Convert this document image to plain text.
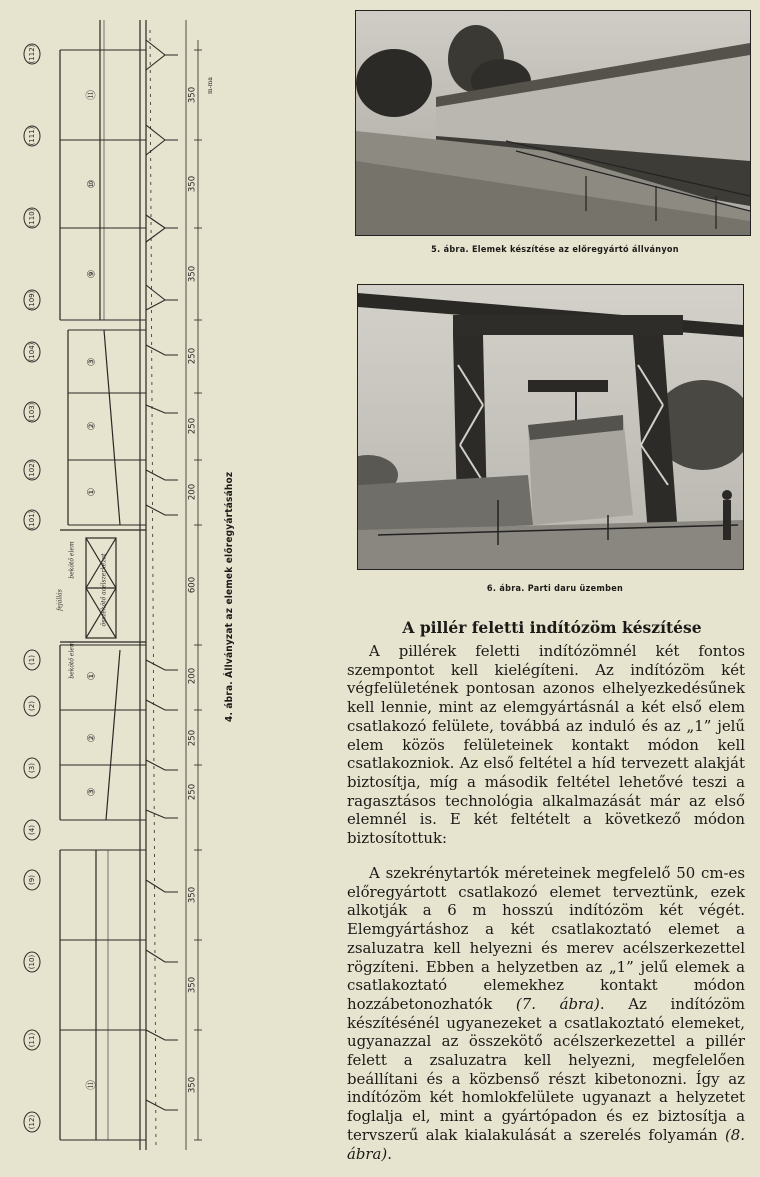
(112)
(111)
(110)
(109)
(104)
(103)
(102)
(101)
(1)
(2)
(3)
(4)
(9)
(10)
(11)
(12)
350
350
350
250
250
200
600
200
250
250
350
350
350
⑪
⑩
⑨
③
②
①
①
②
③
⑪
bekötő elem
bekötő elem
összekötő acélszerkezet
fejállás
m-ma
4. ábra. Állványzat az elemek előregyártásához
5. ábra. Elemek készítése az előregyártó állványon
6. ábra. Parti daru üzemben
A pillér feletti indítózöm készítése

A pillérek feletti indítózömnél két fontos szempontot kell kielégíteni. Az indítózöm két végfelületének pontosan azonos elhelyezkedésűnek kell lennie, mint az elemgyártásnál a két első elem csatlakozó felülete, továbbá az induló és az „1” jelű elem közös felületeinek kontakt módon kell csatlakozniok. Az első feltétel a híd tervezett alakját biztosítja, míg a második feltétel lehetővé teszi a ragasztásos technológia alkalmazását már az első elemnél is. E két feltételt a következő módon biztosítottuk:

A szekrénytartók méreteinek megfelelő 50 cm-es előregyártott csatlakozó elemet terveztünk, ezek alkotják a 6 m hosszú indítózöm két végét. Elemgyártáshoz a két csatlakoztató elemet a zsaluzatra kell helyezni és merev acélszerkezettel rögzíteni. Ebben a helyzetben az „1” jelű elemek a csatlakoztató elemekhez kontakt módon hozzábetonozhatók (7. ábra). Az indítózöm készítésénél ugyanezeket a csatlakoztató elemeket, ugyanazzal az összekötő acélszerkezettel a pillér felett a zsaluzatra kell helyezni, megfelelően beállítani és a közbenső részt kibetonozni. Így az indítózöm két homlokfelülete ugyanazt a helyzetet foglalja el, mint a gyártópadon és ez biztosítja a tervszerű alak kialakulását a szerelés folyamán (8. ábra).
